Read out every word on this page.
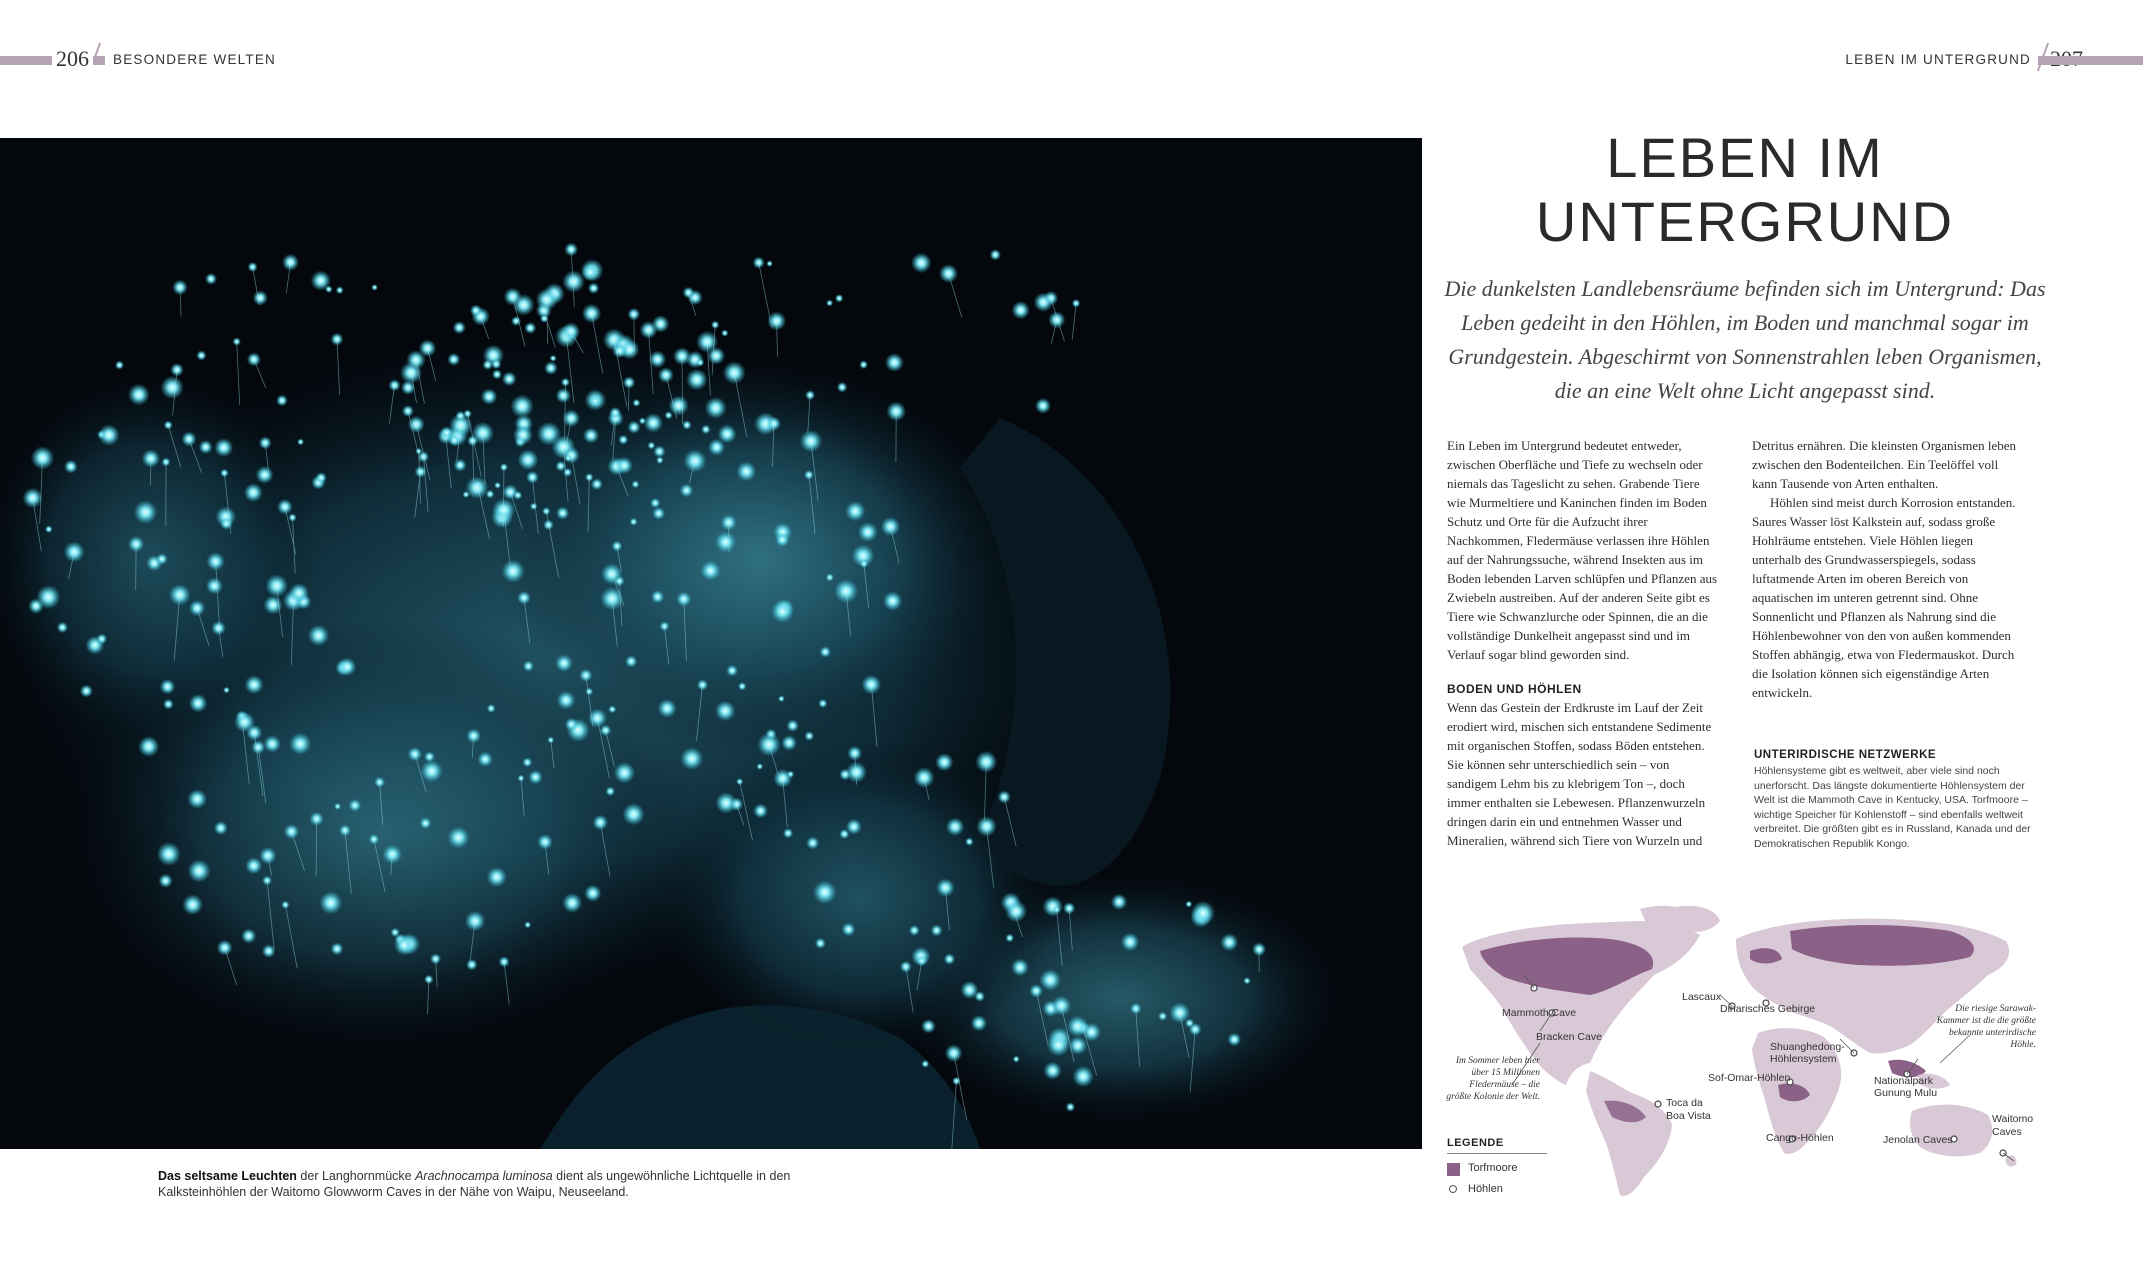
206 BESONDERE WELTEN	LEBEN IM UNTERGRUND
Das seltsame Leuchten der Langhornmücke Arachnocampa luminosa dient als ungewöhnliche Lichtquelle in den Kalksteinhöhlen der Waitomo Glowworm Caves in der Nähe von Waipu, Neuseeland.
LEBEN IM
UNTERGRUND
Die dunkelsten Landlebensräume befinden sich im Untergrund: Das Leben gedeiht in den Höhlen, im Boden und manchmal sogar im Grundgestein. Abgeschirmt von Sonnenstrahlen leben Organismen, die an eine Welt ohne Licht angepasst sind.

Ein Leben im Untergrund bedeutet entweder, zwischen Oberfläche und Tiefe zu wechseln oder niemals das Tageslicht zu sehen. Grabende Tiere wie Murmeltiere und Kaninchen finden im Boden Schutz und Orte für die Aufzucht ihrer Nachkommen, Fledermäuse verlassen ihre Höhlen auf der Nahrungssuche, während Insekten aus im Boden lebenden Larven schlüpfen und Pflanzen aus Zwiebeln austreiben. Auf der anderen Seite gibt es Tiere wie Schwanzlurche oder Spinnen, die an die vollständige Dunkelheit angepasst sind und im Verlauf sogar blind geworden sind.

BODEN UND HÖHLEN

Wenn das Gestein der Erdkruste im Lauf der Zeit erodiert wird, mischen sich entstandene Sedimente mit organischen Stoffen, sodass Böden entstehen. Sie können sehr unterschiedlich sein – von sandigem Lehm bis zu klebrigem Ton –, doch immer enthalten sie Lebewesen. Pflanzenwurzeln dringen darin ein und entnehmen Wasser und Mineralien, während sich Tiere von Wurzeln und

Detritus ernähren. Die kleinsten Organismen leben zwischen den Bodenteilchen. Ein Teelöffel voll kann Tausende von Arten enthalten.

Höhlen sind meist durch Korrosion entstanden. Saures Wasser löst Kalkstein auf, sodass große Hohlräume entstehen. Viele Höhlen liegen unterhalb des Grundwasserspiegels, sodass luftatmende Arten im oberen Bereich von aquatischen im unteren getrennt sind. Ohne Sonnenlicht und Pflanzen als Nahrung sind die Höhlenbewohner von den von außen kommenden Stoffen abhängig, etwa von Fledermauskot. Durch die Isolation können sich eigenständige Arten entwickeln.

UNTERIRDISCHE NETZWERKE

Höhlensysteme gibt es weltweit, aber viele sind noch unerforscht. Das längste dokumentierte Höhlensystem der Welt ist die Mammoth Cave in Kentucky, USA. Torfmoore – wichtige Speicher für Kohlenstoff – sind ebenfalls weltweit verbreitet. Die größten gibt es in Russland, Kanada und der Demokratischen Republik Kongo.

Mammoth Cave
Bracken Cave
Lascaux
Dinarisches Gebirge
Shuanghedong-
Höhlensystem
Sof-Omar-Höhlen	Nationalpark
Gunung Mulu
Toca da
Boa Vista
Cango-Höhlen	Jenolan Caves
Waitomo
Caves
Im Sommer leben hier über 15 Millionen Fledermäuse – die größte Kolonie der Welt.
Die riesige Sarawak-Kammer ist die die größte bekannte unterirdische Höhle.
LEGENDE
Torfmoore
Höhlen
